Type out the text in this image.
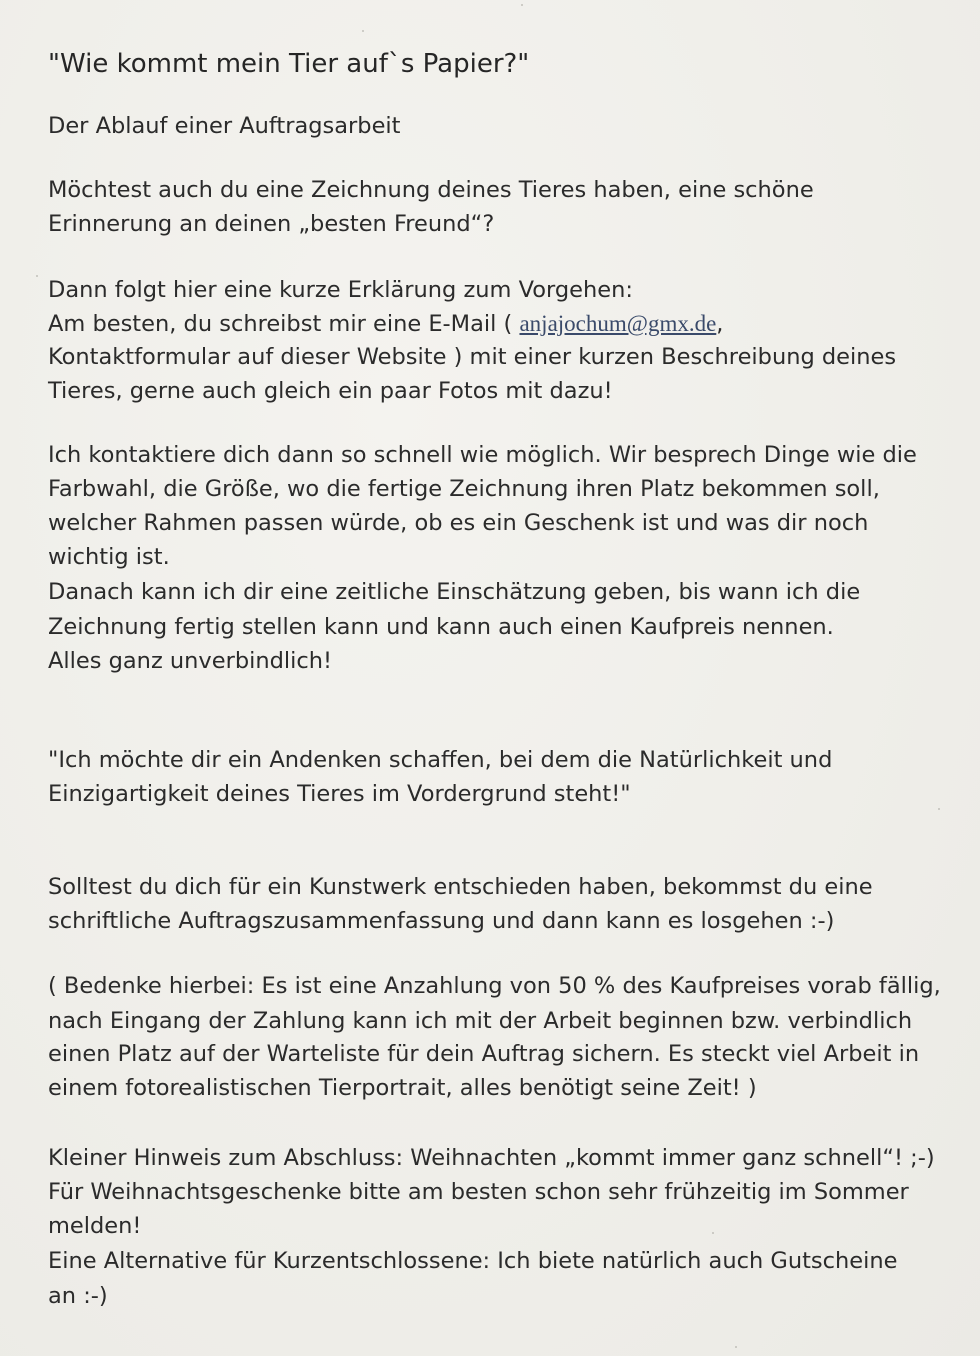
"Wie kommt mein Tier auf`s Papier?"

Der Ablauf einer Auftragsarbeit

Möchtest auch du eine Zeichnung deines Tieres haben, eine schöne

Erinnerung an deinen „besten Freund“?

Dann folgt hier eine kurze Erklärung zum Vorgehen:

Am besten, du schreibst mir eine E-Mail ( anjajochum@gmx.de,

Kontaktformular auf dieser Website ) mit einer kurzen Beschreibung deines

Tieres, gerne auch gleich ein paar Fotos mit dazu!

Ich kontaktiere dich dann so schnell wie möglich. Wir besprech Dinge wie die

Farbwahl, die Größe, wo die fertige Zeichnung ihren Platz bekommen soll,

welcher Rahmen passen würde, ob es ein Geschenk ist und was dir noch

wichtig ist.

Danach kann ich dir eine zeitliche Einschätzung geben, bis wann ich die

Zeichnung fertig stellen kann und kann auch einen Kaufpreis nennen.

Alles ganz unverbindlich!

"Ich möchte dir ein Andenken schaffen, bei dem die Natürlichkeit und

Einzigartigkeit deines Tieres im Vordergrund steht!"

Solltest du dich für ein Kunstwerk entschieden haben, bekommst du eine

schriftliche Auftragszusammenfassung und dann kann es losgehen :-)

( Bedenke hierbei: Es ist eine Anzahlung von 50 % des Kaufpreises vorab fällig,

nach Eingang der Zahlung kann ich mit der Arbeit beginnen bzw. verbindlich

einen Platz auf der Warteliste für dein Auftrag sichern. Es steckt viel Arbeit in

einem fotorealistischen Tierportrait, alles benötigt seine Zeit! )

Kleiner Hinweis zum Abschluss: Weihnachten „kommt immer ganz schnell“! ;-)

Für Weihnachtsgeschenke bitte am besten schon sehr frühzeitig im Sommer

melden!

Eine Alternative für Kurzentschlossene: Ich biete natürlich auch Gutscheine

an :-)
